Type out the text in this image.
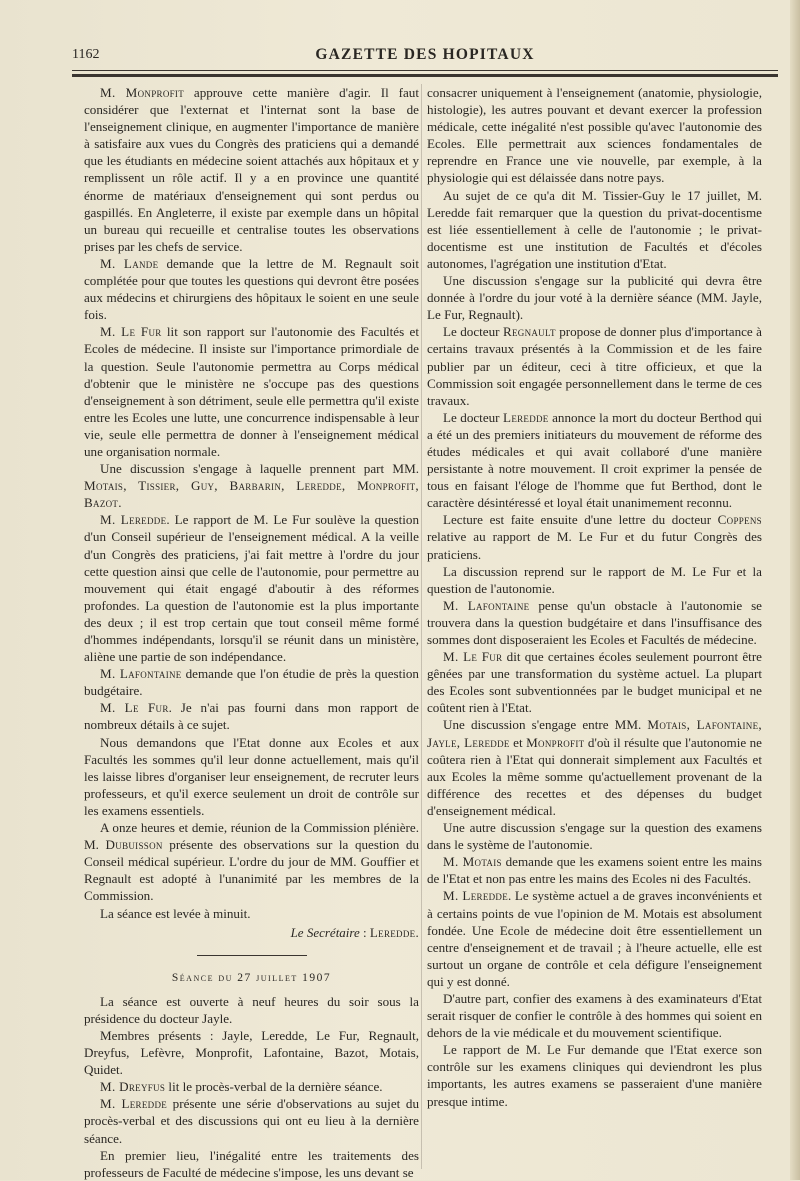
1162	GAZETTE DES HOPITAUX

M. Monprofit approuve cette manière d'agir. Il faut considérer que l'externat et l'internat sont la base de l'enseignement clinique, en augmenter l'importance de manière à satisfaire aux vues du Congrès des praticiens qui a demandé que les étudiants en médecine soient attachés aux hôpitaux et y remplissent un rôle actif. Il y a en province une quantité énorme de matériaux d'enseignement qui sont perdus ou gaspillés. En Angleterre, il existe par exemple dans un hôpital un bureau qui recueille et centralise toutes les observations prises par les chefs de service.

M. Lande demande que la lettre de M. Regnault soit complétée pour que toutes les questions qui devront être posées aux médecins et chirurgiens des hôpitaux le soient en une seule fois.

M. Le Fur lit son rapport sur l'autonomie des Facultés et Ecoles de médecine. Il insiste sur l'importance primordiale de la question. Seule l'autonomie permettra au Corps médical d'obtenir que le ministère ne s'occupe pas des questions d'enseignement à son détriment, seule elle permettra qu'il existe entre les Ecoles une lutte, une concurrence indispensable à leur vie, seule elle permettra de donner à l'enseignement médical une organisation normale.

Une discussion s'engage à laquelle prennent part MM. Motais, Tissier, Guy, Barbarin, Leredde, Monprofit, Bazot.

M. Leredde. Le rapport de M. Le Fur soulève la question d'un Conseil supérieur de l'enseignement médical. A la veille d'un Congrès des praticiens, j'ai fait mettre à l'ordre du jour cette question ainsi que celle de l'autonomie, pour permettre au mouvement qui était engagé d'aboutir à des réformes profondes. La question de l'autonomie est la plus importante des deux ; il est trop certain que tout conseil même formé d'hommes indépendants, lorsqu'il se réunit dans un ministère, aliène une partie de son indépendance.

M. Lafontaine demande que l'on étudie de près la question budgétaire.

M. Le Fur. Je n'ai pas fourni dans mon rapport de nombreux détails à ce sujet.

Nous demandons que l'Etat donne aux Ecoles et aux Facultés les sommes qu'il leur donne actuellement, mais qu'il les laisse libres d'organiser leur enseignement, de recruter leurs professeurs, et qu'il exerce seulement un droit de contrôle sur les examens essentiels.

A onze heures et demie, réunion de la Commission plénière. M. Dubuisson présente des observations sur la question du Conseil médical supérieur. L'ordre du jour de MM. Gouffier et Regnault est adopté à l'unanimité par les membres de la Commission.

La séance est levée à minuit.

Le Secrétaire : Leredde.
Séance du 27 juillet 1907

La séance est ouverte à neuf heures du soir sous la présidence du docteur Jayle.

Membres présents : Jayle, Leredde, Le Fur, Regnault, Dreyfus, Lefèvre, Monprofit, Lafontaine, Bazot, Motais, Quidet.

M. Dreyfus lit le procès-verbal de la dernière séance.

M. Leredde présente une série d'observations au sujet du procès-verbal et des discussions qui ont eu lieu à la dernière séance.

En premier lieu, l'inégalité entre les traitements des professeurs de Faculté de médecine s'impose, les uns devant se

consacrer uniquement à l'enseignement (anatomie, physiologie, histologie), les autres pouvant et devant exercer la profession médicale, cette inégalité n'est possible qu'avec l'autonomie des Ecoles. Elle permettrait aux sciences fondamentales de reprendre en France une vie nouvelle, par exemple, à la physiologie qui est délaissée dans notre pays.

Au sujet de ce qu'a dit M. Tissier-Guy le 17 juillet, M. Leredde fait remarquer que la question du privat-docentisme est liée essentiellement à celle de l'autonomie ; le privat-docentisme est une institution de Facultés et d'écoles autonomes, l'agrégation une institution d'Etat.

Une discussion s'engage sur la publicité qui devra être donnée à l'ordre du jour voté à la dernière séance (MM. Jayle, Le Fur, Regnault).

Le docteur Regnault propose de donner plus d'importance à certains travaux présentés à la Commission et de les faire publier par un éditeur, ceci à titre officieux, et que la Commission soit engagée personnellement dans le terme de ces travaux.

Le docteur Leredde annonce la mort du docteur Berthod qui a été un des premiers initiateurs du mouvement de réforme des études médicales et qui avait collaboré d'une manière persistante à notre mouvement. Il croit exprimer la pensée de tous en faisant l'éloge de l'homme que fut Berthod, dont le caractère désintéressé et loyal était unanimement reconnu.

Lecture est faite ensuite d'une lettre du docteur Coppens relative au rapport de M. Le Fur et du futur Congrès des praticiens.

La discussion reprend sur le rapport de M. Le Fur et la question de l'autonomie.

M. Lafontaine pense qu'un obstacle à l'autonomie se trouvera dans la question budgétaire et dans l'insuffisance des sommes dont disposeraient les Ecoles et Facultés de médecine.

M. Le Fur dit que certaines écoles seulement pourront être gênées par une transformation du système actuel. La plupart des Ecoles sont subventionnées par le budget municipal et ne coûtent rien à l'Etat.

Une discussion s'engage entre MM. Motais, Lafontaine, Jayle, Leredde et Monprofit d'où il résulte que l'autonomie ne coûtera rien à l'Etat qui donnerait simplement aux Facultés et aux Ecoles la même somme qu'actuellement provenant de la différence des recettes et des dépenses du budget d'enseignement médical.

Une autre discussion s'engage sur la question des examens dans le système de l'autonomie.

M. Motais demande que les examens soient entre les mains de l'Etat et non pas entre les mains des Ecoles ni des Facultés.

M. Leredde. Le système actuel a de graves inconvénients et à certains points de vue l'opinion de M. Motais est absolument fondée. Une Ecole de médecine doit être essentiellement un centre d'enseignement et de travail ; à l'heure actuelle, elle est surtout un organe de contrôle et cela défigure l'enseignement qui y est donné.

D'autre part, confier des examens à des examinateurs d'Etat serait risquer de confier le contrôle à des hommes qui soient en dehors de la vie médicale et du mouvement scientifique.

Le rapport de M. Le Fur demande que l'Etat exerce son contrôle sur les examens cliniques qui deviendront les plus importants, les autres examens se passeraient d'une manière presque intime.
